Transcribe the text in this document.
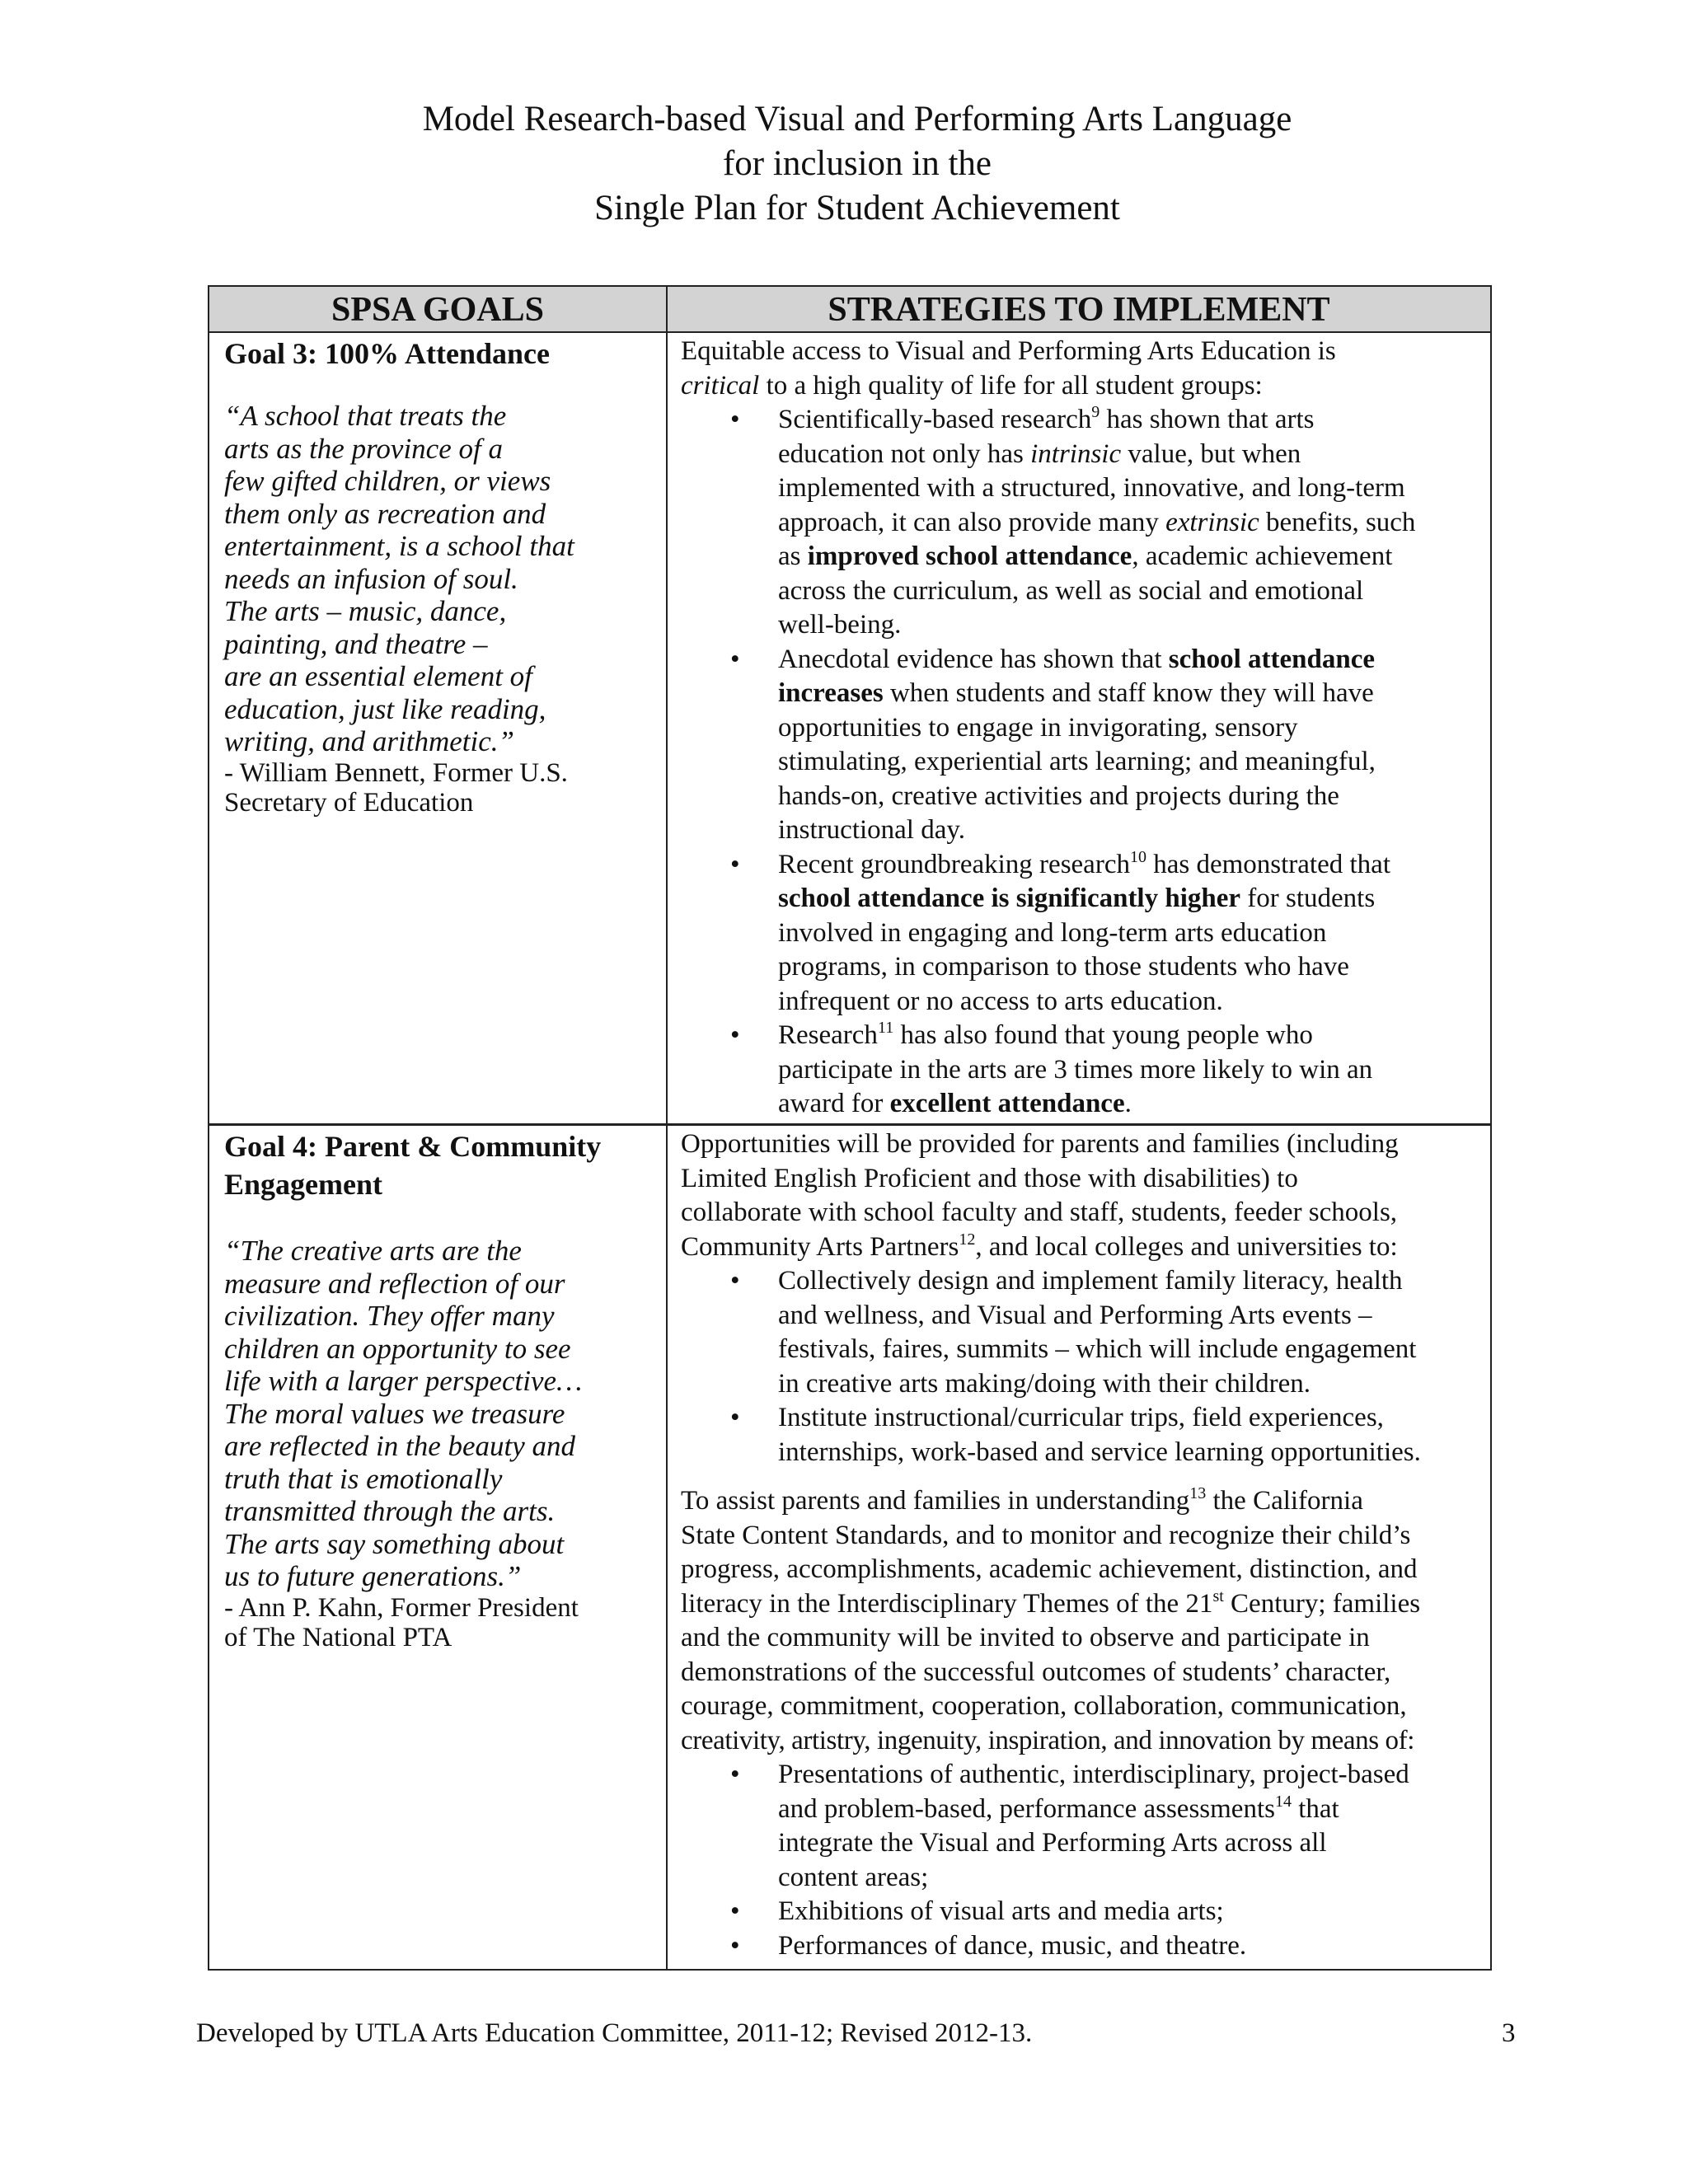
Model Research-based Visual and Performing Arts Language
for inclusion in the
Single Plan for Student Achievement
SPSA GOALS	STRATEGIES TO IMPLEMENT
Goal 3: 100% Attendance
“A school that treats the
arts as the province of a
few gifted children, or views
them only as recreation and
entertainment, is a school that
needs an infusion of soul.
The arts – music, dance,
painting, and theatre –
are an essential element of
education, just like reading,
writing, and arithmetic.”
- William Bennett, Former U.S.
Secretary of Education
Equitable access to Visual and Performing Arts Education is
critical to a high quality of life for all student groups:
• Scientifically-based research$^9$ has shown that arts
education not only has intrinsic value, but when
implemented with a structured, innovative, and long-term
approach, it can also provide many extrinsic benefits, such
as improved school attendance, academic achievement
across the curriculum, as well as social and emotional
well-being.
• Anecdotal evidence has shown that school attendance
increases when students and staff know they will have
opportunities to engage in invigorating, sensory
stimulating, experiential arts learning; and meaningful,
hands-on, creative activities and projects during the
instructional day.
• Recent groundbreaking research$^{10}$ has demonstrated that
school attendance is significantly higher for students
involved in engaging and long-term arts education
programs, in comparison to those students who have
infrequent or no access to arts education.
• Research$^{11}$ has also found that young people who
participate in the arts are 3 times more likely to win an
award for excellent attendance.
Goal 4: Parent & Community
Engagement
“The creative arts are the
measure and reflection of our
civilization. They offer many
children an opportunity to see
life with a larger perspective…
The moral values we treasure
are reflected in the beauty and
truth that is emotionally
transmitted through the arts.
The arts say something about
us to future generations.”
- Ann P. Kahn, Former President
of The National PTA
Opportunities will be provided for parents and families (including
Limited English Proficient and those with disabilities) to
collaborate with school faculty and staff, students, feeder schools,
Community Arts Partners$^{12}$, and local colleges and universities to:
• Collectively design and implement family literacy, health
and wellness, and Visual and Performing Arts events –
festivals, faires, summits – which will include engagement
in creative arts making/doing with their children.
• Institute instructional/curricular trips, field experiences,
internships, work-based and service learning opportunities.
To assist parents and families in understanding$^{13}$ the California
State Content Standards, and to monitor and recognize their child’s
progress, accomplishments, academic achievement, distinction, and
literacy in the Interdisciplinary Themes of the 21st Century; families
and the community will be invited to observe and participate in
demonstrations of the successful outcomes of students’ character,
courage, commitment, cooperation, collaboration, communication,
creativity, artistry, ingenuity, inspiration, and innovation by means of:
• Presentations of authentic, interdisciplinary, project-based
and problem-based, performance assessments$^{14}$ that
integrate the Visual and Performing Arts across all
content areas;
• Exhibitions of visual arts and media arts;
• Performances of dance, music, and theatre.
Developed by UTLA Arts Education Committee, 2011-12; Revised 2012-13.	3
